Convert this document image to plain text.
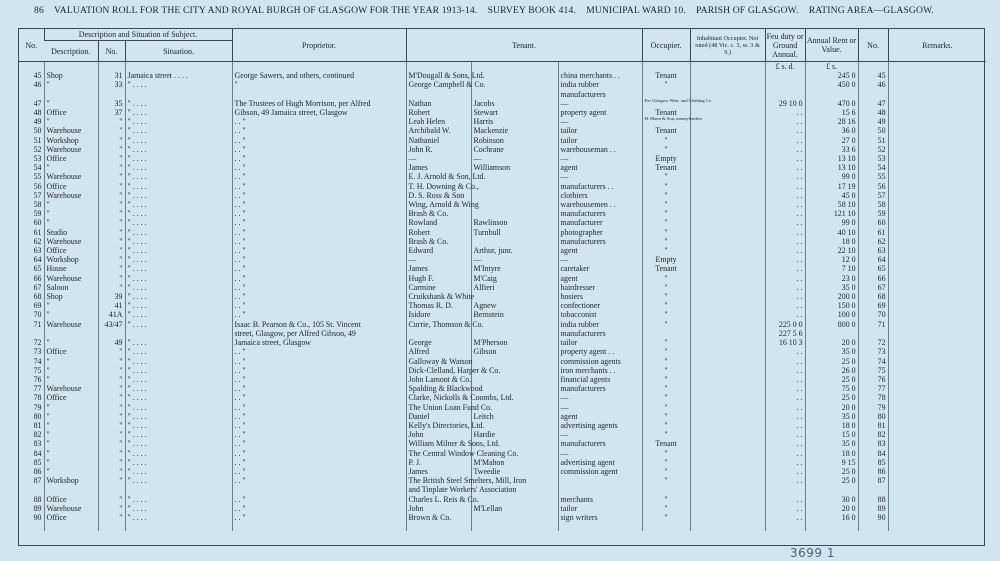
86 VALUATION ROLL FOR THE CITY AND ROYAL BURGH OF GLASGOW FOR THE YEAR 1913-14. SURVEY BOOK 414. MUNICIPAL WARD 10. PARISH OF GLASGOW. RATING AREA—GLASGOW.
No.	Description and Situation of Subject.			Proprietor.	Tenant.			Occupier.	Inhabitant Occupier. Not rated (48 Vic. c. 3, ss. 3 & 9.)	Feu duty or Ground Annual.	Annual Rent or Value.	No.	Remarks.
	Description.	No.	Situation.										
										£ s. d.	£ s.		
45	Shop	31	Jamaica street . . . .	George Sawers, and others, continued	M'Dougall & Sons, Ltd.		china merchants . .	Tenant			245 0	45	
46	"	33	" . . . .	"	George Campbell & Co.		india rubber	"			450 0	46	
							manufacturers						
47	"	35	" . . . .	The Trustees of Hugh Morrison, per Alfred	Nathan	Jacobs	—	For Glasgow West. and Clothing Co.		29 10 0	470 0	47	
48	Office	37	" . . . .	Gibson, 49 Jamaica street, Glasgow	Robert	Stewart	property agent	Tenant		. .	15 6	48	
49	"	"	" . . . .	. . "	Leah Helen	Harris	—	H. Mann & Son, moneylenders		. .	28 16	49	
50	Warehouse	"	" . . . .	. . "	Archibald W.	Mackenzie	tailor	Tenant		. .	36 0	50	
51	Workshop	"	" . . . .	. . "	Nathaniel	Robinson	tailor	"		. .	27 0	51	
52	Warehouse	"	" . . . .	. . "	John R.	Cochrane	warehouseman . .	"		. .	33 6	52	
53	Office	"	" . . . .	. . "	—	—	—	Empty		. .	13 10	53	
54	"	"	" . . . .	. . "	James	Williamson	agent	Tenant		. .	13 10	54	
55	Warehouse	"	" . . . .	. . "	E. J. Arnold & Son, Ltd.		—	"		. .	99 0	55	
56	Office	"	" . . . .	. . "	T. H. Downing & Co.,		manufacturers . .	"		. .	17 19	56	
57	Warehouse	"	" . . . .	. . "	D. S. Ross & Son		clothiers	"		. .	45 0	57	
58	"	"	" . . . .	. . "	Wing, Arnold & Wing		warehousemen . .	"		. .	58 10	58	
59	"	"	" . . . .	. . "	Brash & Co.		manufacturers	"		. .	121 10	59	
60	"	"	" . . . .	. . "	Rowland	Rawlinson	manufacturer	"		. .	99 0	60	
61	Studio	"	" . . . .	. . "	Robert	Turnbull	photographer	"		. .	40 10	61	
62	Warehouse	"	" . . . .	. . "	Brash & Co.		manufacturers	"		. .	18 0	62	
63	Office	"	" . . . .	. . "	Edward	Arthur, junr.	agent	"		. .	22 10	63	
64	Workshop	"	" . . . .	. . "	—	—	—	Empty		. .	12 0	64	
65	House	"	" . . . .	. . "	James	M'Intyre	caretaker	Tenant		. .	7 10	65	
66	Warehouse	"	" . . . .	. . "	Hugh F.	M'Caig	agent	"		. .	23 0	66	
67	Saloon	"	" . . . .	. . "	Carmine	Alfieri	hairdresser	"		. .	35 0	67	
68	Shop	39	" . . . .	. . "	Cruikshank & White		hosiers	"		. .	200 0	68	
69	"	41	" . . . .	. . "	Thomas R. D.	Agnew	confectioner	"		. .	150 0	69	
70	"	41A	" . . . .	. . "	Isidore	Bernstein	tobacconist	"		. .	100 0	70	
71	Warehouse	43/47	" . . . .	Isaac B. Pearson & Co., 105 St. Vincent	Currie, Thomson & Co.		india rubber	"		225 0 0	800 0	71	
				street, Glasgow, per Alfred Gibson, 49			manufacturers			227 5 6			
72	"	49	" . . . .	Jamaica street, Glasgow	George	M'Pherson	tailor	"		16 10 3	20 0	72	
73	Office	"	" . . . .	. . "	Alfred	Gibson	property agent . .	"		. .	35 0	73	
74	"	"	" . . . .	. . "	Galloway & Watson		commission agents	"		. .	25 0	74	
75	"	"	" . . . .	. . "	Dick-Clelland, Harper & Co.		iron merchants . .	"		. .	26 0	75	
76	"	"	" . . . .	. . "	John Lamont & Co.		financial agents	"		. .	25 0	76	
77	Warehouse	"	" . . . .	. . "	Spalding & Blackwood		manufacturers	"		. .	75 0	77	
78	Office	"	" . . . .	. . "	Clarke, Nickolls & Coombs, Ltd.		—	"		. .	25 0	78	
79	"	"	" . . . .	. . "	The Union Loan Fund Co.		—	"		. .	20 0	79	
80	"	"	" . . . .	. . "	Daniel	Leitch	agent	"		. .	35 0	80	
81	"	"	" . . . .	. . "	Kelly's Directories, Ltd.		advertising agents	"		. .	18 0	81	
82	"	"	" . . . .	. . "	John	Hardie	—	"		. .	15 0	82	
83	"	"	" . . . .	. . "	William Milner & Sons, Ltd.		manufacturers	Tenant		. .	35 0	83	
84	"	"	" . . . .	. . "	The Central Window Cleaning Co.		—	"		. .	18 0	84	
85	"	"	" . . . .	. . "	P. J.	M'Mahon	advertising agent	"		. .	9 15	85	
86	"	"	" . . . .	. . "	James	Tweedie	commission agent	"		. .	25 0	86	
87	Workshop	"	" . . . .	. . "	The British Steel Smelters, Mill, Iron			"		. .	25 0	87	
					and Tinplate Workers' Association								
88	Office	"	" . . . .	. . "	Charles L. Reis & Co.		merchants	"		. .	30 0	88	
89	Warehouse	"	" . . . .	. . "	John	M'Lellan	tailor	"		. .	20 0	89	
90	Office	"	" . . . .	. . "	Brown & Co.		sign writers	"		. .	16 0	90	

3699 1
